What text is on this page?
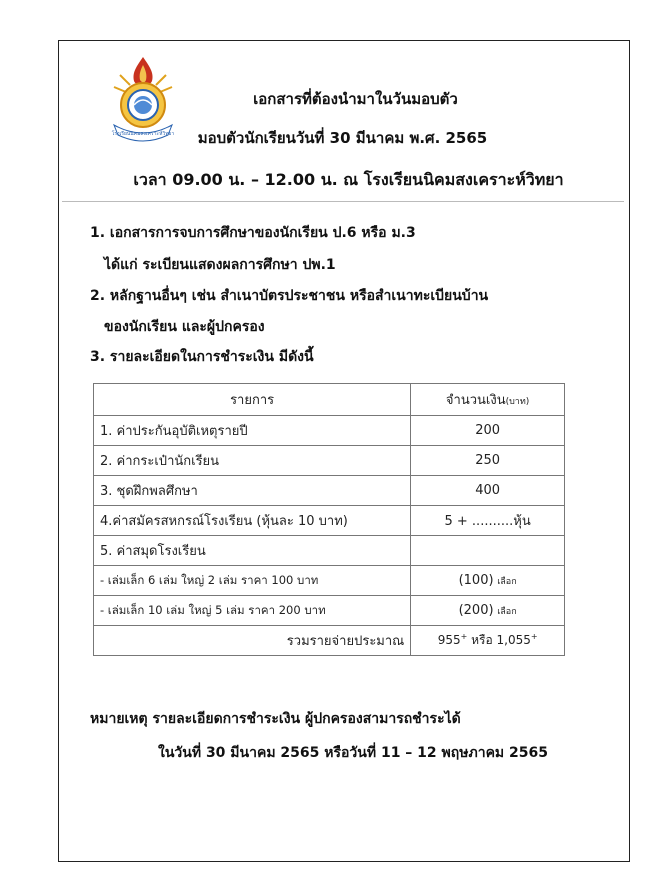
โรงเรียนนิคมสงเคราะห์วิทยา
เอกสารที่ต้องนำมาในวันมอบตัว
มอบตัวนักเรียนวันที่ 30 มีนาคม พ.ศ. 2565
เวลา 09.00 น. – 12.00 น. ณ โรงเรียนนิคมสงเคราะห์วิทยา
1. เอกสารการจบการศึกษาของนักเรียน ป.6 หรือ ม.3
ได้แก่ ระเบียนแสดงผลการศึกษา ปพ.1
2. หลักฐานอื่นๆ เช่น สำเนาบัตรประชาชน หรือสำเนาทะเบียนบ้าน
ของนักเรียน และผู้ปกครอง
3. รายละเอียดในการชำระเงิน มีดังนี้
รายการ	จำนวนเงิน(บาท)
1. ค่าประกันอุบัติเหตุรายปี	200
2. ค่ากระเป๋านักเรียน	250
3. ชุดฝึกพลศึกษา	400
4.ค่าสมัครสหกรณ์โรงเรียน (หุ้นละ 10 บาท)	5 + ..........หุ้น
5. ค่าสมุดโรงเรียน	
- เล่มเล็ก 6 เล่ม ใหญ่ 2 เล่ม ราคา 100 บาท	(100) เลือก
- เล่มเล็ก 10 เล่ม ใหญ่ 5 เล่ม ราคา 200 บาท	(200) เลือก
รวมรายจ่ายประมาณ	955+ หรือ 1,055+
หมายเหตุ รายละเอียดการชำระเงิน ผู้ปกครองสามารถชำระได้
ในวันที่ 30 มีนาคม 2565 หรือวันที่ 11 – 12 พฤษภาคม 2565
